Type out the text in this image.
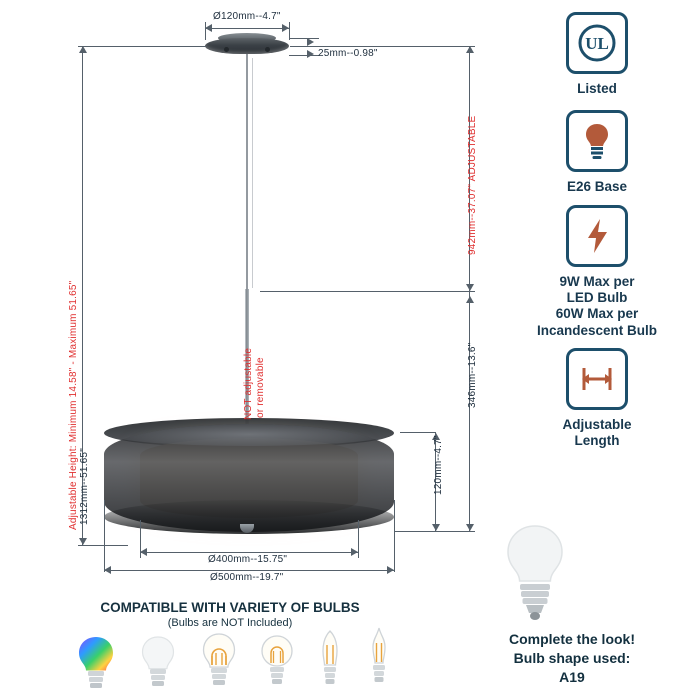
Ø120mm--4.7"
25mm--0.98"
942mm--37.07" ADJUSTABLE
346mm--13.6"
120mm--4.7"
1312mm--51.65"
Adjustable Height: Minimum 14.58" - Maximum 51.65"	NOT adjustable or removable
Ø400mm--15.75"
Ø500mm--19.7"
UL
Listed
E26 Base
9W Max per
LED Bulb
60W Max per
Incandescent Bulb
Adjustable
Length
Complete the look!
Bulb shape used:
A19
COMPATIBLE WITH VARIETY OF BULBS
(Bulbs are NOT Included)
